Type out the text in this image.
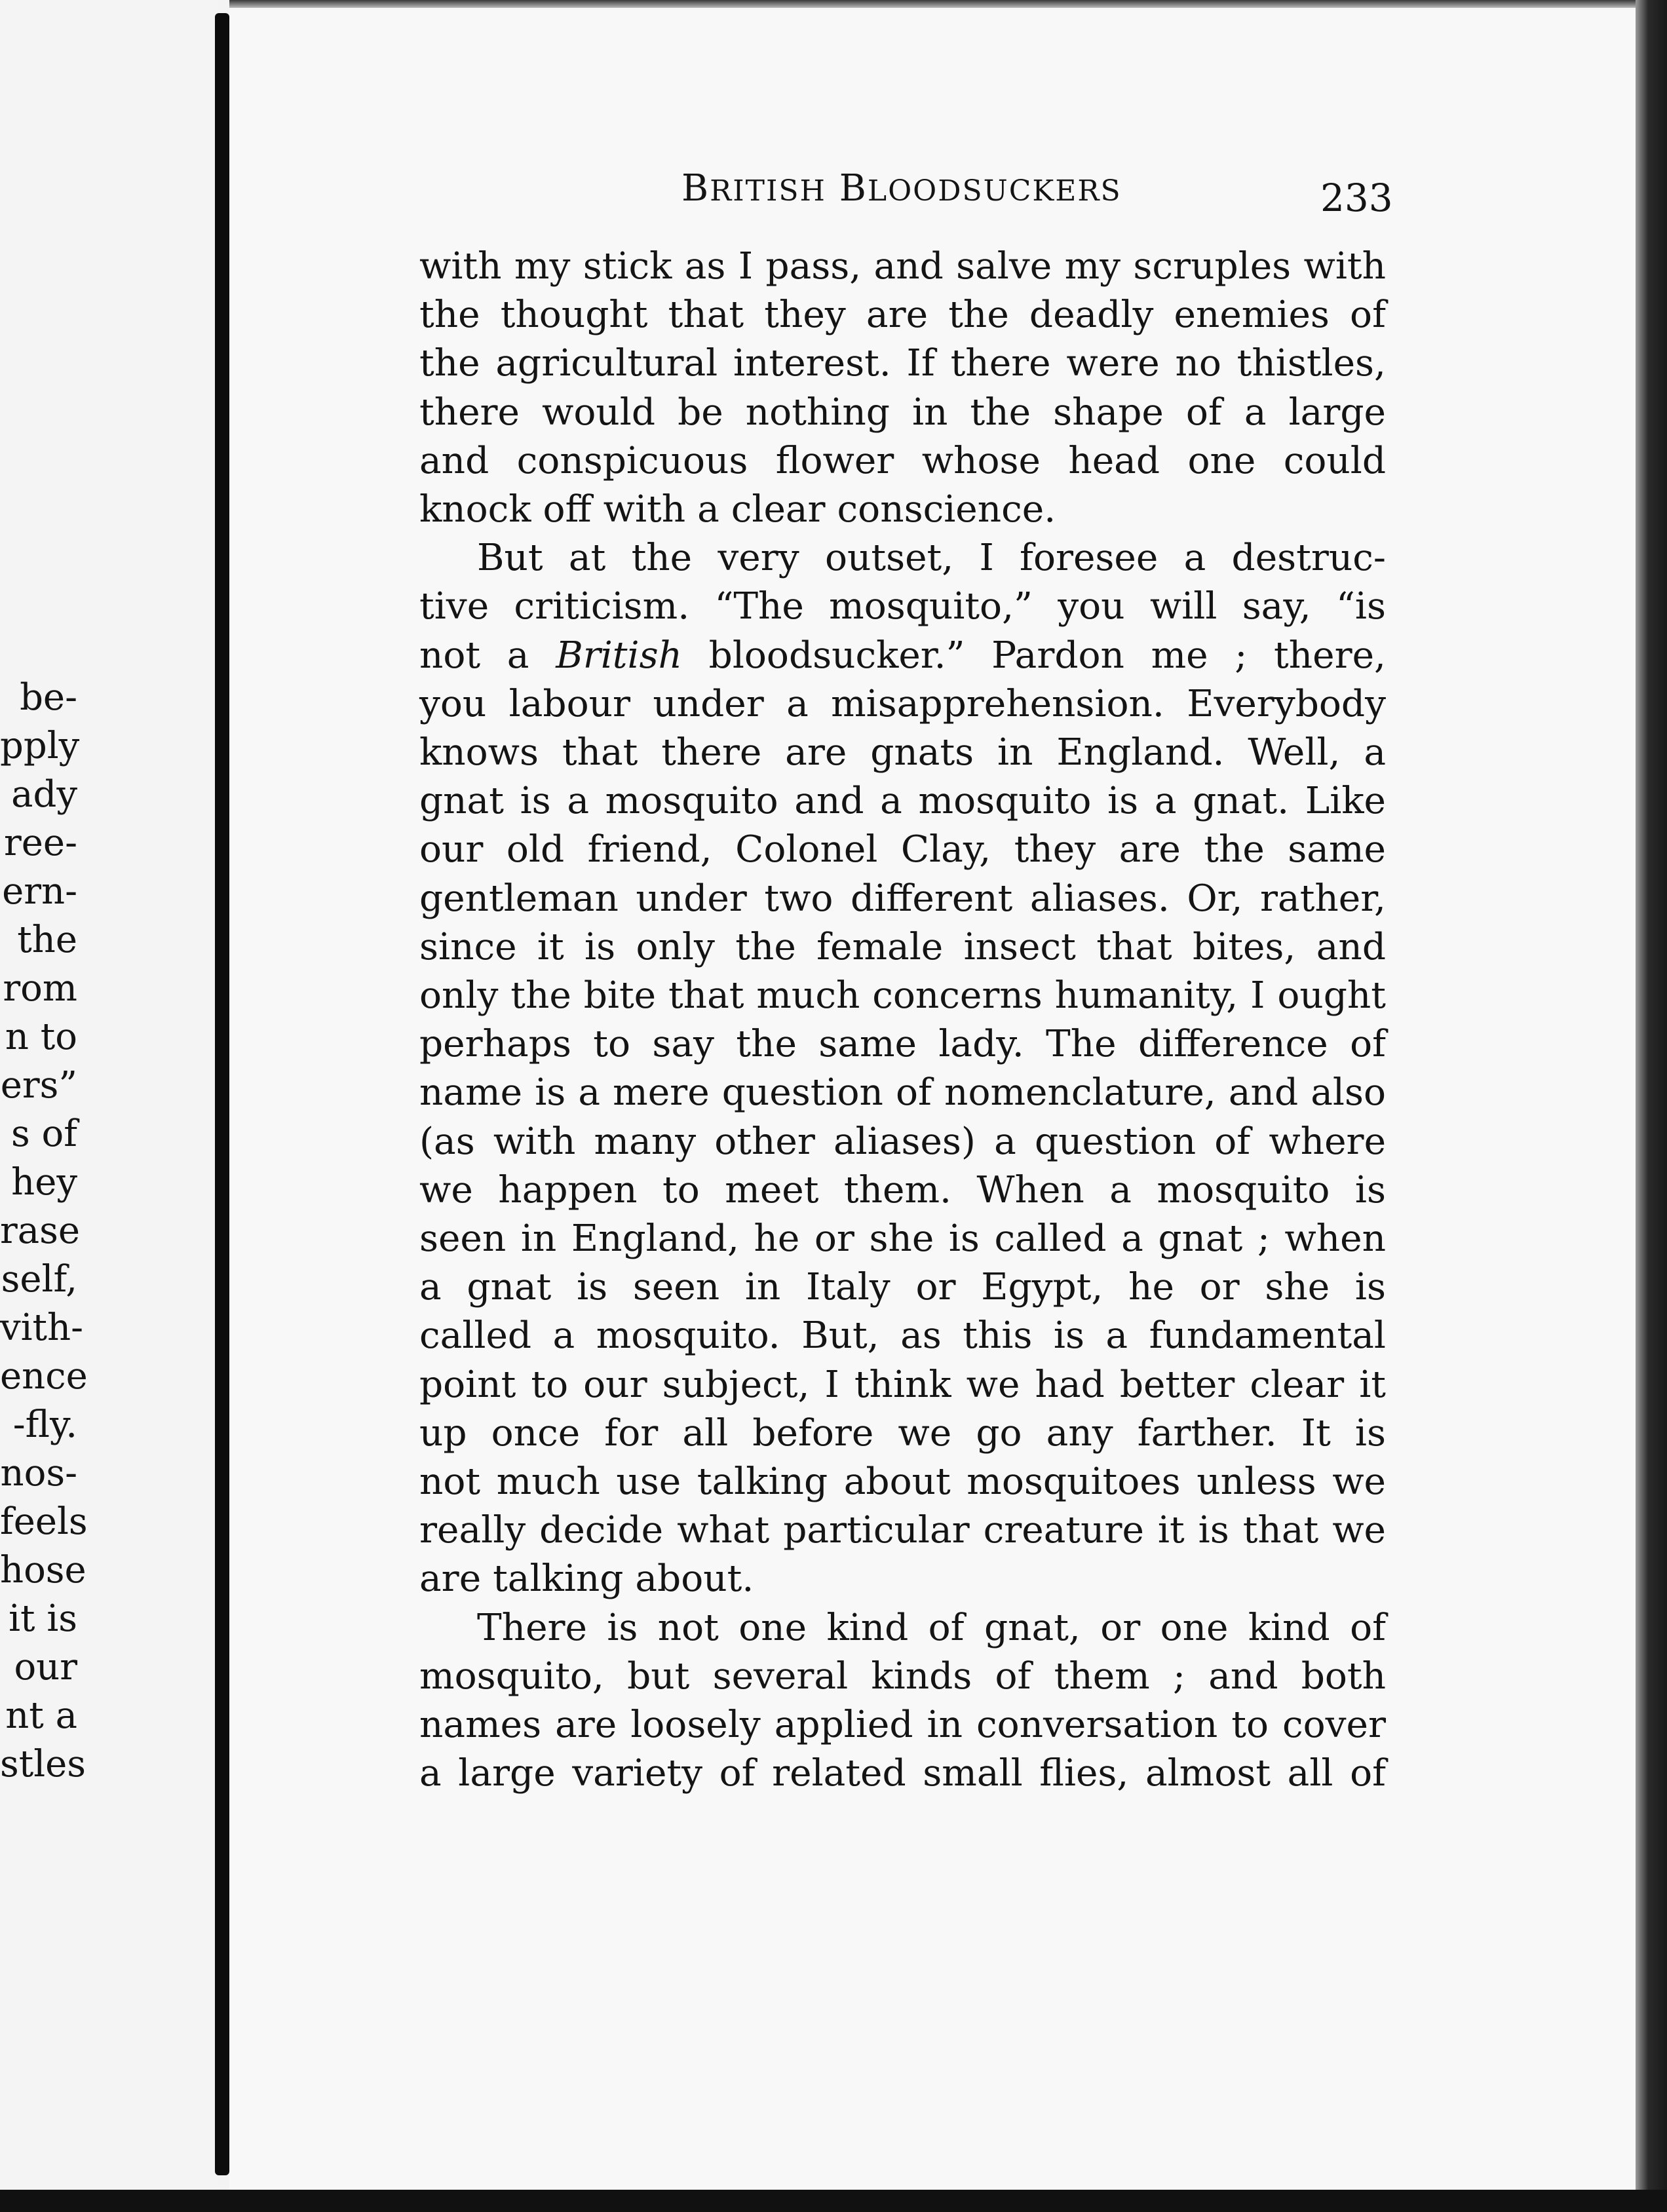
be-
pply
ady
ree-
ern-
the
rom
n to
ers”
s of
hey
rase
self,
vith-
ence
-fly.
nos-
feels
hose
it is
our
nt a
stles
BRITISH BLOODSUCKERS	233
with my stick as I pass, and salve my scruples with
the thought that they are the deadly enemies of
the agricultural interest. If there were no thistles,
there would be nothing in the shape of a large
and conspicuous flower whose head one could
knock off with a clear conscience.
But at the very outset, I foresee a destruc-
tive criticism. “The mosquito,” you will say, “is
not a British bloodsucker.” Pardon me ; there,
you labour under a misapprehension. Everybody
knows that there are gnats in England. Well, a
gnat is a mosquito and a mosquito is a gnat. Like
our old friend, Colonel Clay, they are the same
gentleman under two different aliases. Or, rather,
since it is only the female insect that bites, and
only the bite that much concerns humanity, I ought
perhaps to say the same lady. The difference of
name is a mere question of nomenclature, and also
(as with many other aliases) a question of where
we happen to meet them. When a mosquito is
seen in England, he or she is called a gnat ; when
a gnat is seen in Italy or Egypt, he or she is
called a mosquito. But, as this is a fundamental
point to our subject, I think we had better clear it
up once for all before we go any farther. It is
not much use talking about mosquitoes unless we
really decide what particular creature it is that we
are talking about.
There is not one kind of gnat, or one kind of
mosquito, but several kinds of them ; and both
names are loosely applied in conversation to cover
a large variety of related small flies, almost all of
